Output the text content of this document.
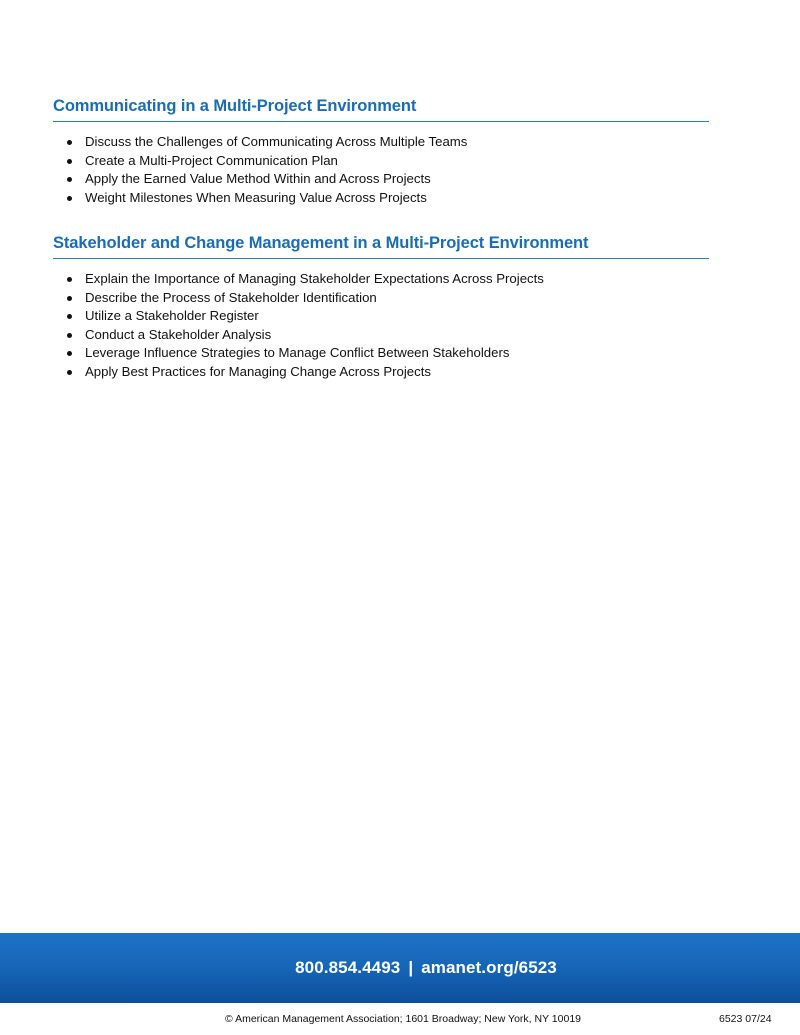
Communicating in a Multi-Project Environment
Discuss the Challenges of Communicating Across Multiple Teams
Create a Multi-Project Communication Plan
Apply the Earned Value Method Within and Across Projects
Weight Milestones When Measuring Value Across Projects
Stakeholder and Change Management in a Multi-Project Environment
Explain the Importance of Managing Stakeholder Expectations Across Projects
Describe the Process of Stakeholder Identification
Utilize a Stakeholder Register
Conduct a Stakeholder Analysis
Leverage Influence Strategies to Manage Conflict Between Stakeholders
Apply Best Practices for Managing Change Across Projects
800.854.4493 | amanet.org/6523
© American Management Association; 1601 Broadway; New York, NY 10019	6523 07/24
